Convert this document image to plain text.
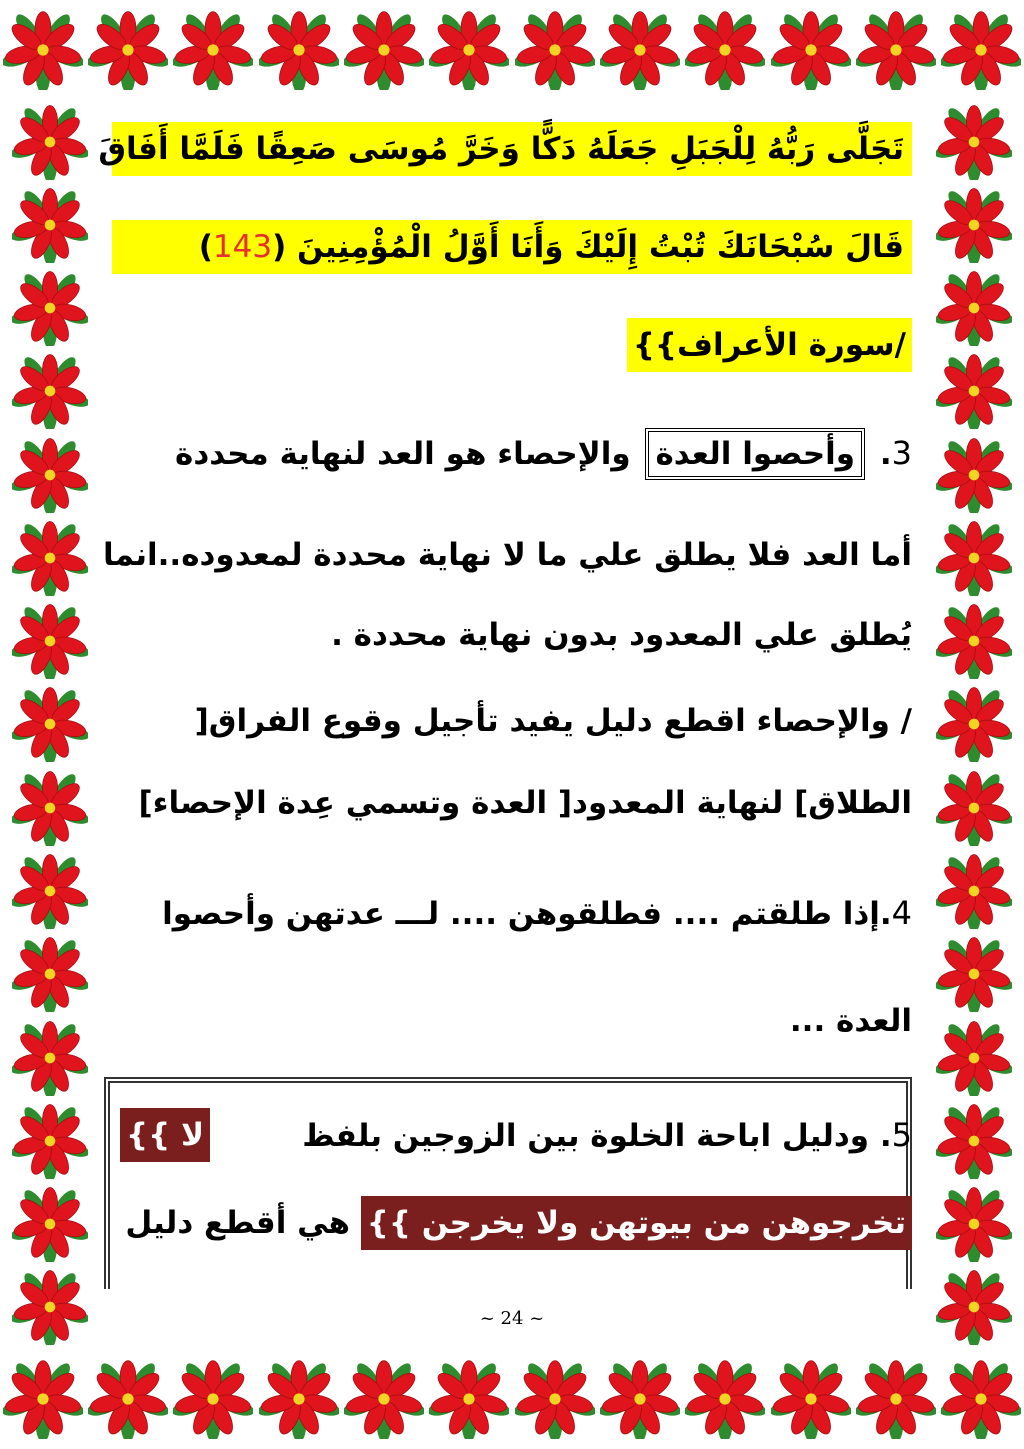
تَجَلَّى رَبُّهُ لِلْجَبَلِ جَعَلَهُ دَكًّا وَخَرَّ مُوسَى صَعِقًا فَلَمَّا أَفَاقَ
قَالَ سُبْحَانَكَ تُبْتُ إِلَيْكَ وَأَنَا أَوَّلُ الْمُؤْمِنِينَ (143)
/سورة الأعراف}}
3. وأحصوا العدة والإحصاء هو العد لنهاية محددة
أما العد فلا يطلق علي ما لا نهاية محددة لمعدوده..انما
يُطلق علي المعدود بدون نهاية محددة .
/ والإحصاء اقطع دليل يفيد تأجيل وقوع الفراق[
الطلاق] لنهاية المعدود[ العدة وتسمي عِدة الإحصاء]
4.إذا طلقتم .... فطلقوهن .... لـــ عدتهن وأحصوا
العدة ...
{{ لا	5. ودليل اباحة الخلوة بين الزوجين بلفظ
تخرجوهن من بيوتهن ولا يخرجن }} هي أقطع دليل
~ 24 ~
